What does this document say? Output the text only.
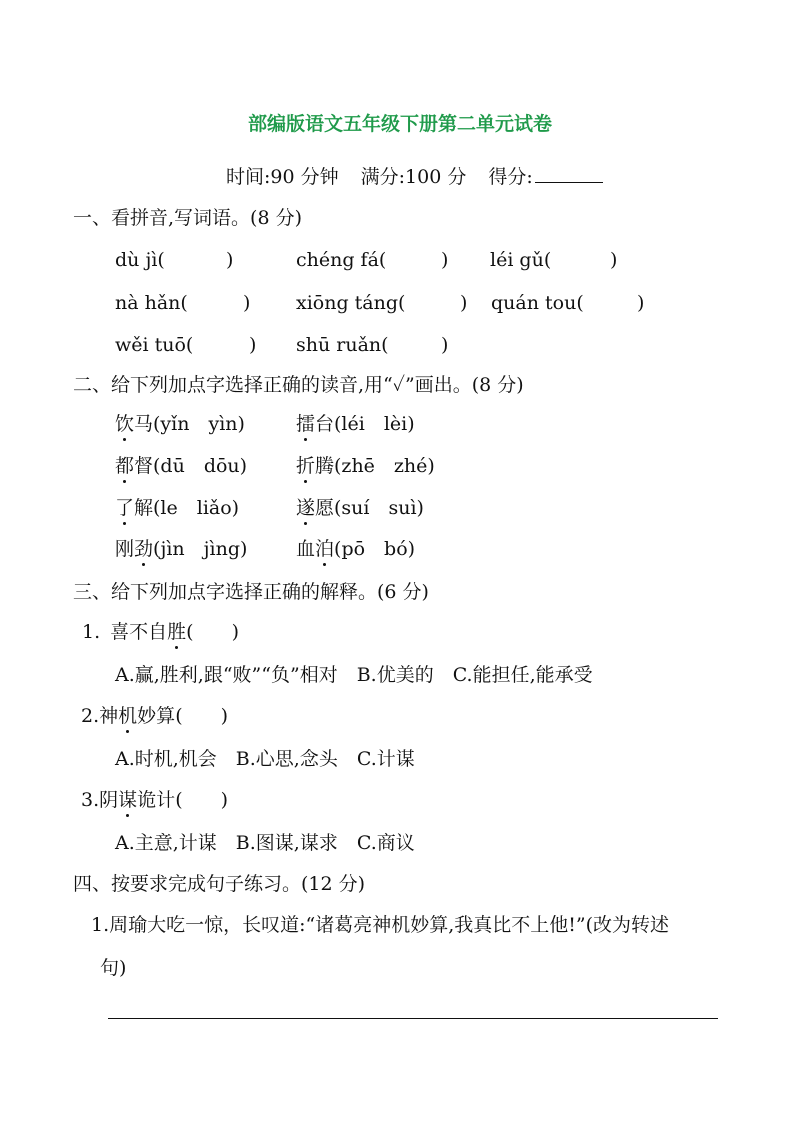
部编版语文五年级下册第二单元试卷
时间:90 分钟 满分:100 分 得分:
一、看拼音,写词语。(8 分)
dù jì(	)	chéng fá(	) léi gǔ(	)
nà hǎn(	) xiōng táng(	) quán tou(	)
wěi tuō(	) shū ruǎn(	)
二、给下列加点字选择正确的读音,用“✓”画出。(8 分)
饮马(yǐn　yìn)	擂台(léi　lèi)
都督(dū　dōu)	折腾(zhē　zhé)
了解(le　liǎo)	遂愿(suí　suì)
刚劲(jìn　jìng)	血泊(pō　bó)
三、给下列加点字选择正确的解释。(6 分)
1. 喜不自胜(　　)
A.赢,胜利,跟“败”“负”相对　B.优美的　C.能担任,能承受
2.神机妙算(　　)
A.时机,机会　B.心思,念头　C.计谋
3.阴谋诡计(　　)
A.主意,计谋　B.图谋,谋求　C.商议
四、按要求完成句子练习。(12 分)
1.周瑜大吃一惊，长叹道:“诸葛亮神机妙算,我真比不上他!”(改为转述
句)
